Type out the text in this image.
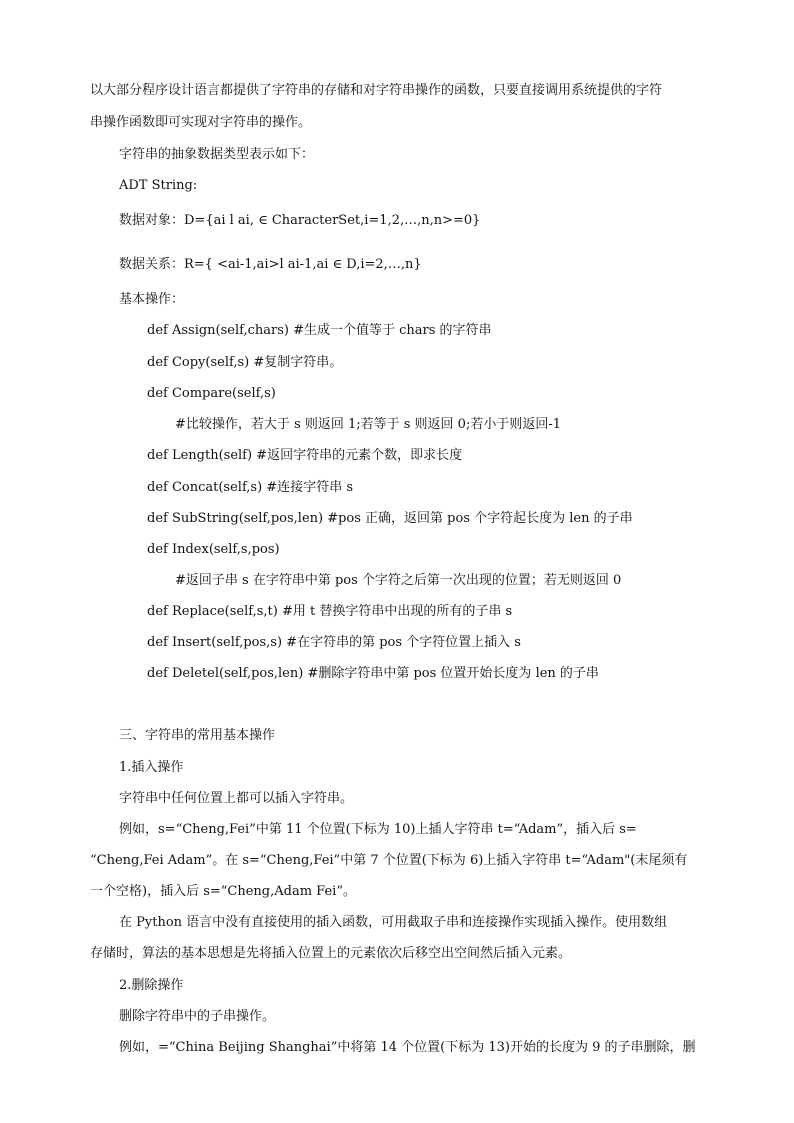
以大部分程序设计语言都提供了字符串的存储和对字符串操作的函数，只要直接调用系统提供的字符
串操作函数即可实现对字符串的操作。
字符串的抽象数据类型表示如下：
ADT String:
数据对象：D={ai l ai, ∈ CharacterSet,i=1,2,…,n,n>=0}
数据关系：R={ <ai-1,ai>l ai-1,ai ∈ D,i=2,…,n}
基本操作：
def Assign(self,chars) #生成一个值等于 chars 的字符串
def Copy(self,s) #复制字符串。
def Compare(self,s)
#比较操作，若大于 s 则返回 1;若等于 s 则返回 0;若小于则返回-1
def Length(self) #返回字符串的元素个数，即求长度
def Concat(self,s) #连接字符串 s
def SubString(self,pos,len) #pos 正确，返回第 pos 个字符起长度为 len 的子串
def Index(self,s,pos)
#返回子串 s 在字符串中第 pos 个字符之后第一次出现的位置；若无则返回 0
def Replace(self,s,t) #用 t 替换字符串中出现的所有的子串 s
def Insert(self,pos,s) #在字符串的第 pos 个字符位置上插入 s
def Deletel(self,pos,len) #删除字符串中第 pos 位置开始长度为 len 的子串
三、字符串的常用基本操作
1.插入操作
字符串中任何位置上都可以插入字符串。
例如，s=“Cheng,Fei”中第 11 个位置(下标为 10)上插人字符串 t=“Adam”，插入后 s=
“Cheng,Fei Adam”。在 s=“Cheng,Fei”中第 7 个位置(下标为 6)上插入字符串 t=“Adam"(末尾须有
一个空格)，插入后 s=“Cheng,Adam Fei”。
在 Python 语言中没有直接使用的插入函数，可用截取子串和连接操作实现插入操作。使用数组
存储时，算法的基本思想是先将插入位置上的元素依次后移空出空间然后插入元素。
2.删除操作
删除字符串中的子串操作。
例如，=“China Beijing Shanghai”中将第 14 个位置(下标为 13)开始的长度为 9 的子串删除，删
